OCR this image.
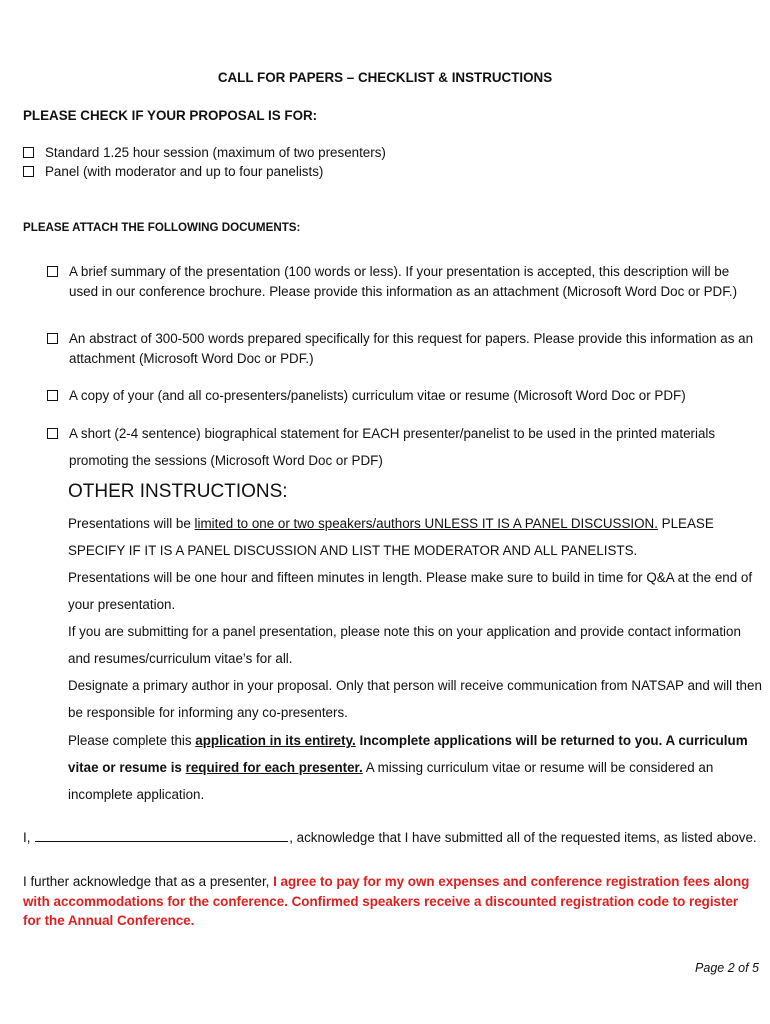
CALL FOR PAPERS – CHECKLIST & INSTRUCTIONS
PLEASE CHECK IF YOUR PROPOSAL IS FOR:
Standard 1.25 hour session (maximum of two presenters)
Panel (with moderator and up to four panelists)
PLEASE ATTACH THE FOLLOWING DOCUMENTS:
A brief summary of the presentation (100 words or less). If your presentation is accepted, this description will be used in our conference brochure. Please provide this information as an attachment (Microsoft Word Doc or PDF.)
An abstract of 300-500 words prepared specifically for this request for papers. Please provide this information as an attachment (Microsoft Word Doc or PDF.)
A copy of your (and all co-presenters/panelists) curriculum vitae or resume (Microsoft Word Doc or PDF)
A short (2-4 sentence) biographical statement for EACH presenter/panelist to be used in the printed materials promoting the sessions (Microsoft Word Doc or PDF)
OTHER INSTRUCTIONS:
Presentations will be limited to one or two speakers/authors UNLESS IT IS A PANEL DISCUSSION. PLEASE SPECIFY IF IT IS A PANEL DISCUSSION AND LIST THE MODERATOR AND ALL PANELISTS.
Presentations will be one hour and fifteen minutes in length. Please make sure to build in time for Q&A at the end of your presentation.
If you are submitting for a panel presentation, please note this on your application and provide contact information and resumes/curriculum vitae’s for all.
Designate a primary author in your proposal. Only that person will receive communication from NATSAP and will then be responsible for informing any co-presenters.
Please complete this application in its entirety. Incomplete applications will be returned to you. A curriculum vitae or resume is required for each presenter. A missing curriculum vitae or resume will be considered an incomplete application.
I,	, acknowledge that I have submitted all of the requested items, as listed above.
I further acknowledge that as a presenter, I agree to pay for my own expenses and conference registration fees along with accommodations for the conference. Confirmed speakers receive a discounted registration code to register for the Annual Conference.
Page 2 of 5
